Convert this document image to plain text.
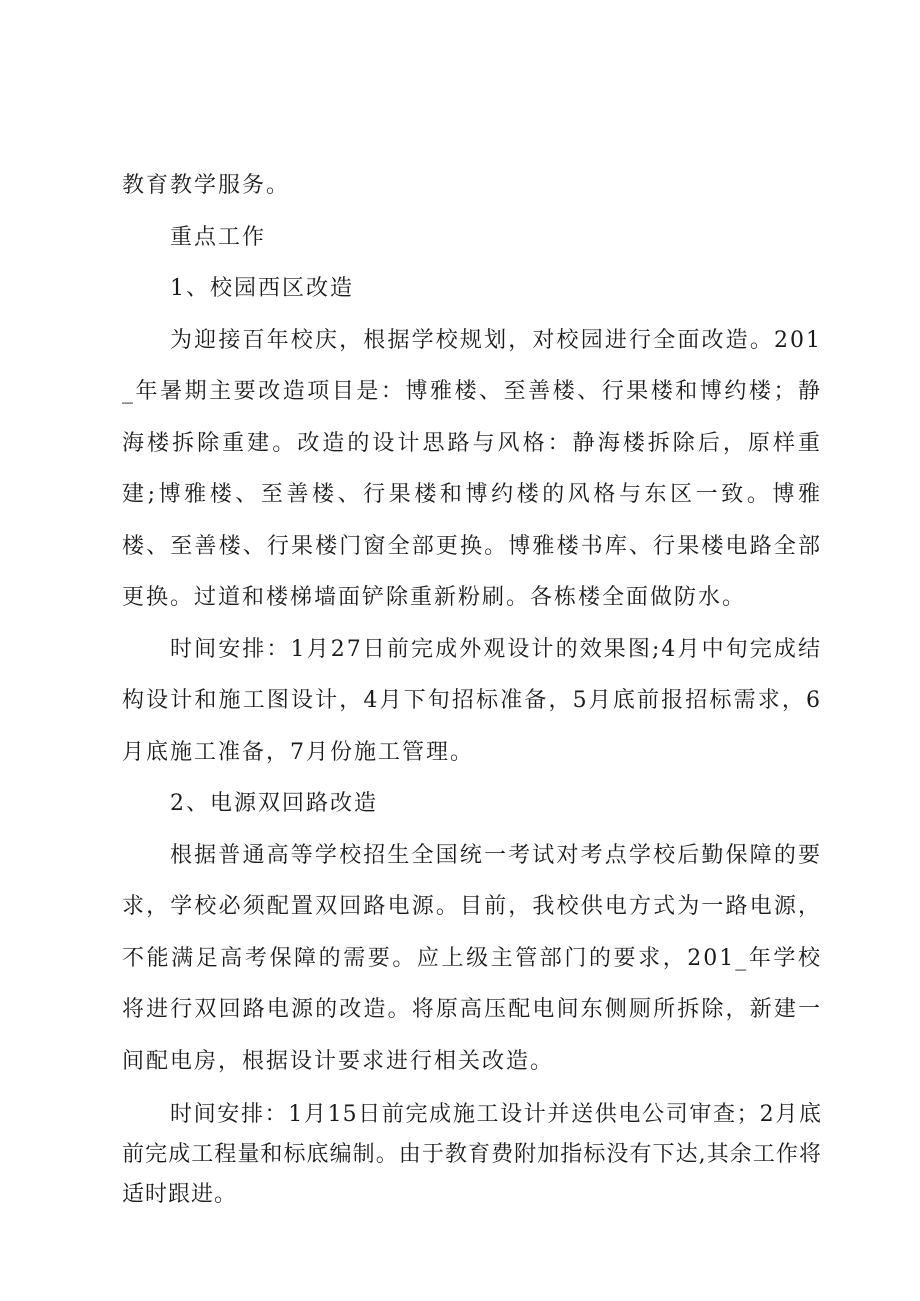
教育教学服务。

重点工作

1、校园西区改造

为迎接百年校庆，根据学校规划，对校园进行全面改造。201_年暑期主要改造项目是：博雅楼、至善楼、行果楼和博约楼；静海楼拆除重建。改造的设计思路与风格：静海楼拆除后，原样重建;博雅楼、至善楼、行果楼和博约楼的风格与东区一致。博雅楼、至善楼、行果楼门窗全部更换。博雅楼书库、行果楼电路全部更换。过道和楼梯墙面铲除重新粉刷。各栋楼全面做防水。

时间安排：1月27日前完成外观设计的效果图;4月中旬完成结构设计和施工图设计，4月下旬招标准备，5月底前报招标需求，6月底施工准备，7月份施工管理。

2、电源双回路改造

根据普通高等学校招生全国统一考试对考点学校后勤保障的要求，学校必须配置双回路电源。目前，我校供电方式为一路电源，不能满足高考保障的需要。应上级主管部门的要求，201_年学校将进行双回路电源的改造。将原高压配电间东侧厕所拆除，新建一间配电房，根据设计要求进行相关改造。

时间安排：1月15日前完成施工设计并送供电公司审查；2月底前完成工程量和标底编制。由于教育费附加指标没有下达,其余工作将适时跟进。
